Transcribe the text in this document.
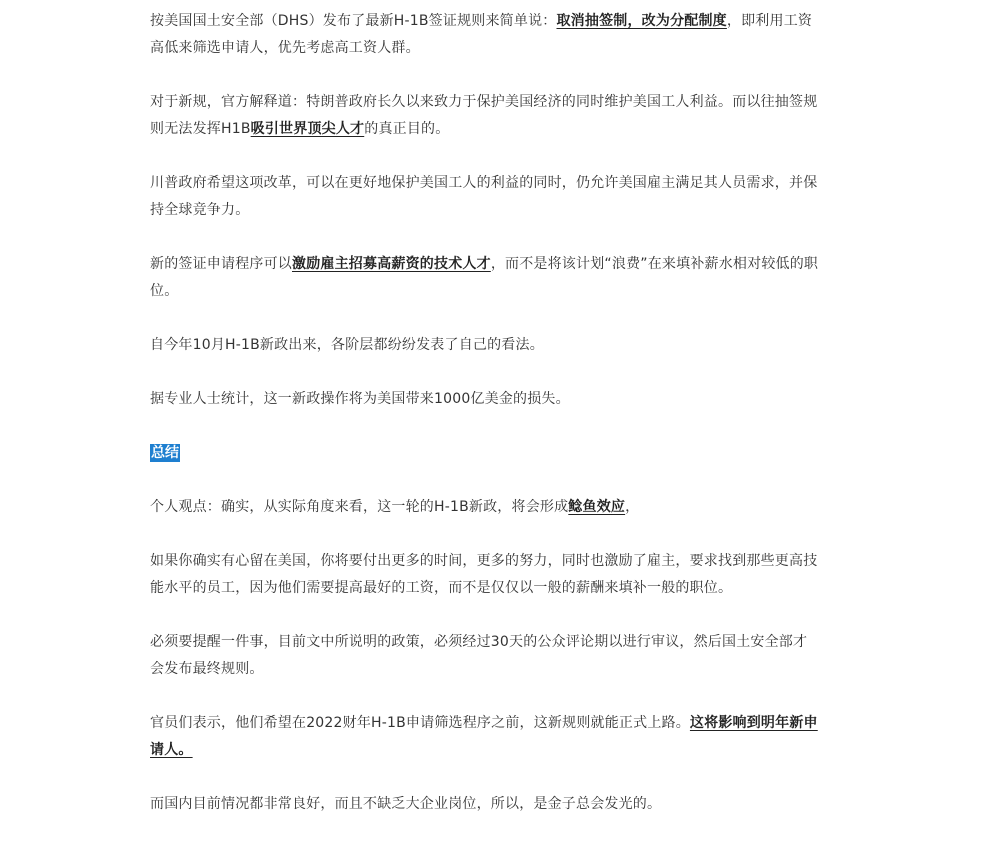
按美国国土安全部（DHS）发布了最新H-1B签证规则来简单说：取消抽签制，改为分配制度，即利用工资高低来筛选申请人，优先考虑高工资人群。

对于新规，官方解释道：特朗普政府长久以来致力于保护美国经济的同时维护美国工人利益。而以往抽签规则无法发挥H1B吸引世界顶尖人才的真正目的。

川普政府希望这项改革，可以在更好地保护美国工人的利益的同时，仍允许美国雇主满足其人员需求，并保持全球竞争力。

新的签证申请程序可以激励雇主招募高薪资的技术人才，而不是将该计划“浪费”在来填补薪水相对较低的职位。

自今年10月H-1B新政出来，各阶层都纷纷发表了自己的看法。

据专业人士统计，这一新政操作将为美国带来1000亿美金的损失。

总结

个人观点：确实，从实际角度来看，这一轮的H-1B新政，将会形成鲶鱼效应，

如果你确实有心留在美国，你将要付出更多的时间，更多的努力，同时也激励了雇主，要求找到那些更高技能水平的员工，因为他们需要提高最好的工资，而不是仅仅以一般的薪酬来填补一般的职位。

必须要提醒一件事，目前文中所说明的政策，必须经过30天的公众评论期以进行审议，然后国土安全部才会发布最终规则。

官员们表示，他们希望在2022财年H-1B申请筛选程序之前，这新规则就能正式上路。这将影响到明年新申请人。

而国内目前情况都非常良好，而且不缺乏大企业岗位，所以，是金子总会发光的。
